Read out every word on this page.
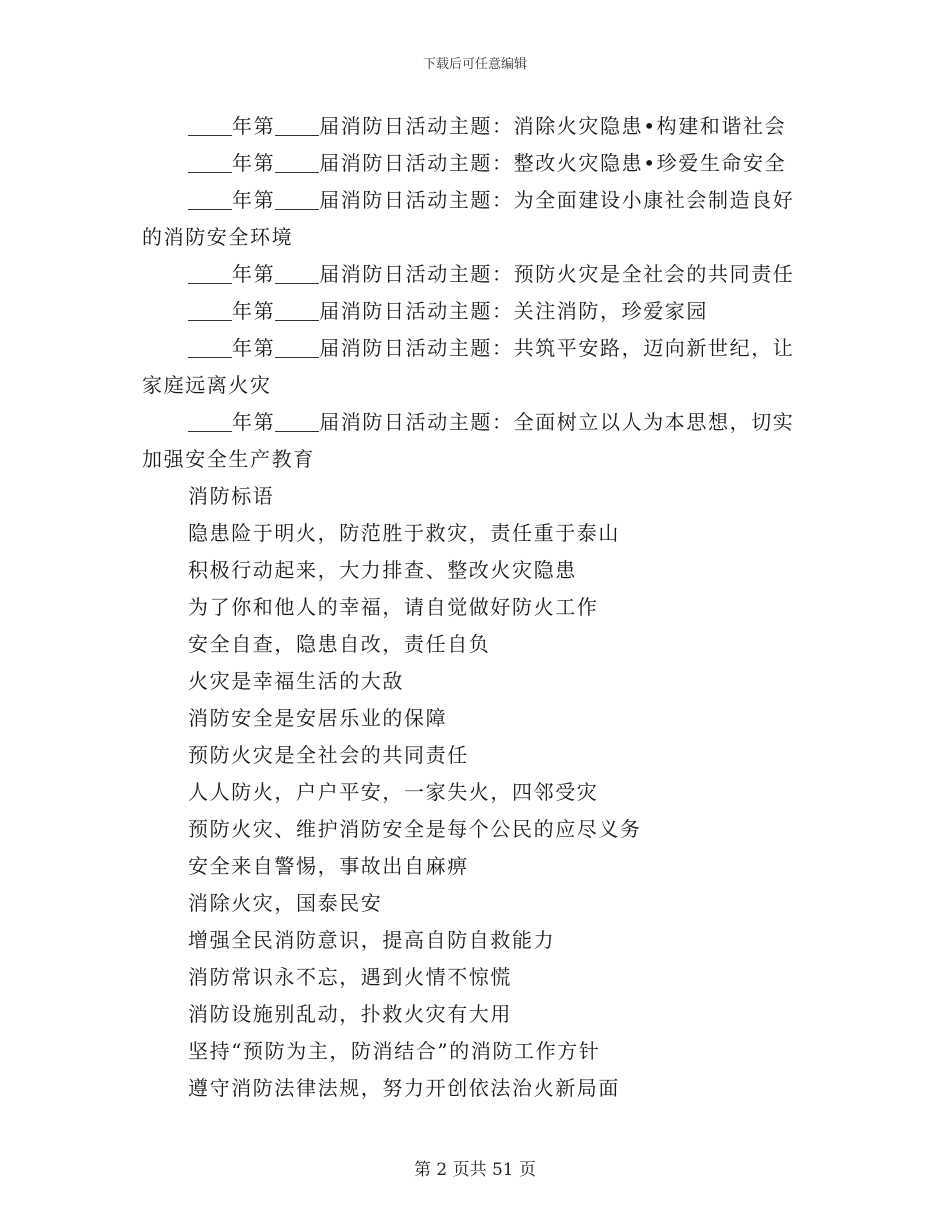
下载后可任意编辑

年第 届消防日活动主题：消除火灾隐患•构建和谐社会

年第 届消防日活动主题：整改火灾隐患•珍爱生命安全

年第 届消防日活动主题：为全面建设小康社会制造良好的消防安全环境

年第 届消防日活动主题：预防火灾是全社会的共同责任

年第 届消防日活动主题：关注消防，珍爱家园

年第 届消防日活动主题：共筑平安路，迈向新世纪，让家庭远离火灾

年第 届消防日活动主题：全面树立以人为本思想，切实加强安全生产教育

消防标语

隐患险于明火，防范胜于救灾，责任重于泰山

积极行动起来，大力排查、整改火灾隐患

为了你和他人的幸福，请自觉做好防火工作

安全自查，隐患自改，责任自负

火灾是幸福生活的大敌

消防安全是安居乐业的保障

预防火灾是全社会的共同责任

人人防火，户户平安，一家失火，四邻受灾

预防火灾、维护消防安全是每个公民的应尽义务

安全来自警惕，事故出自麻痹

消除火灾，国泰民安

增强全民消防意识，提高自防自救能力

消防常识永不忘，遇到火情不惊慌

消防设施别乱动，扑救火灾有大用

坚持“预防为主，防消结合”的消防工作方针

遵守消防法律法规，努力开创依法治火新局面

第 2 页共 51 页
